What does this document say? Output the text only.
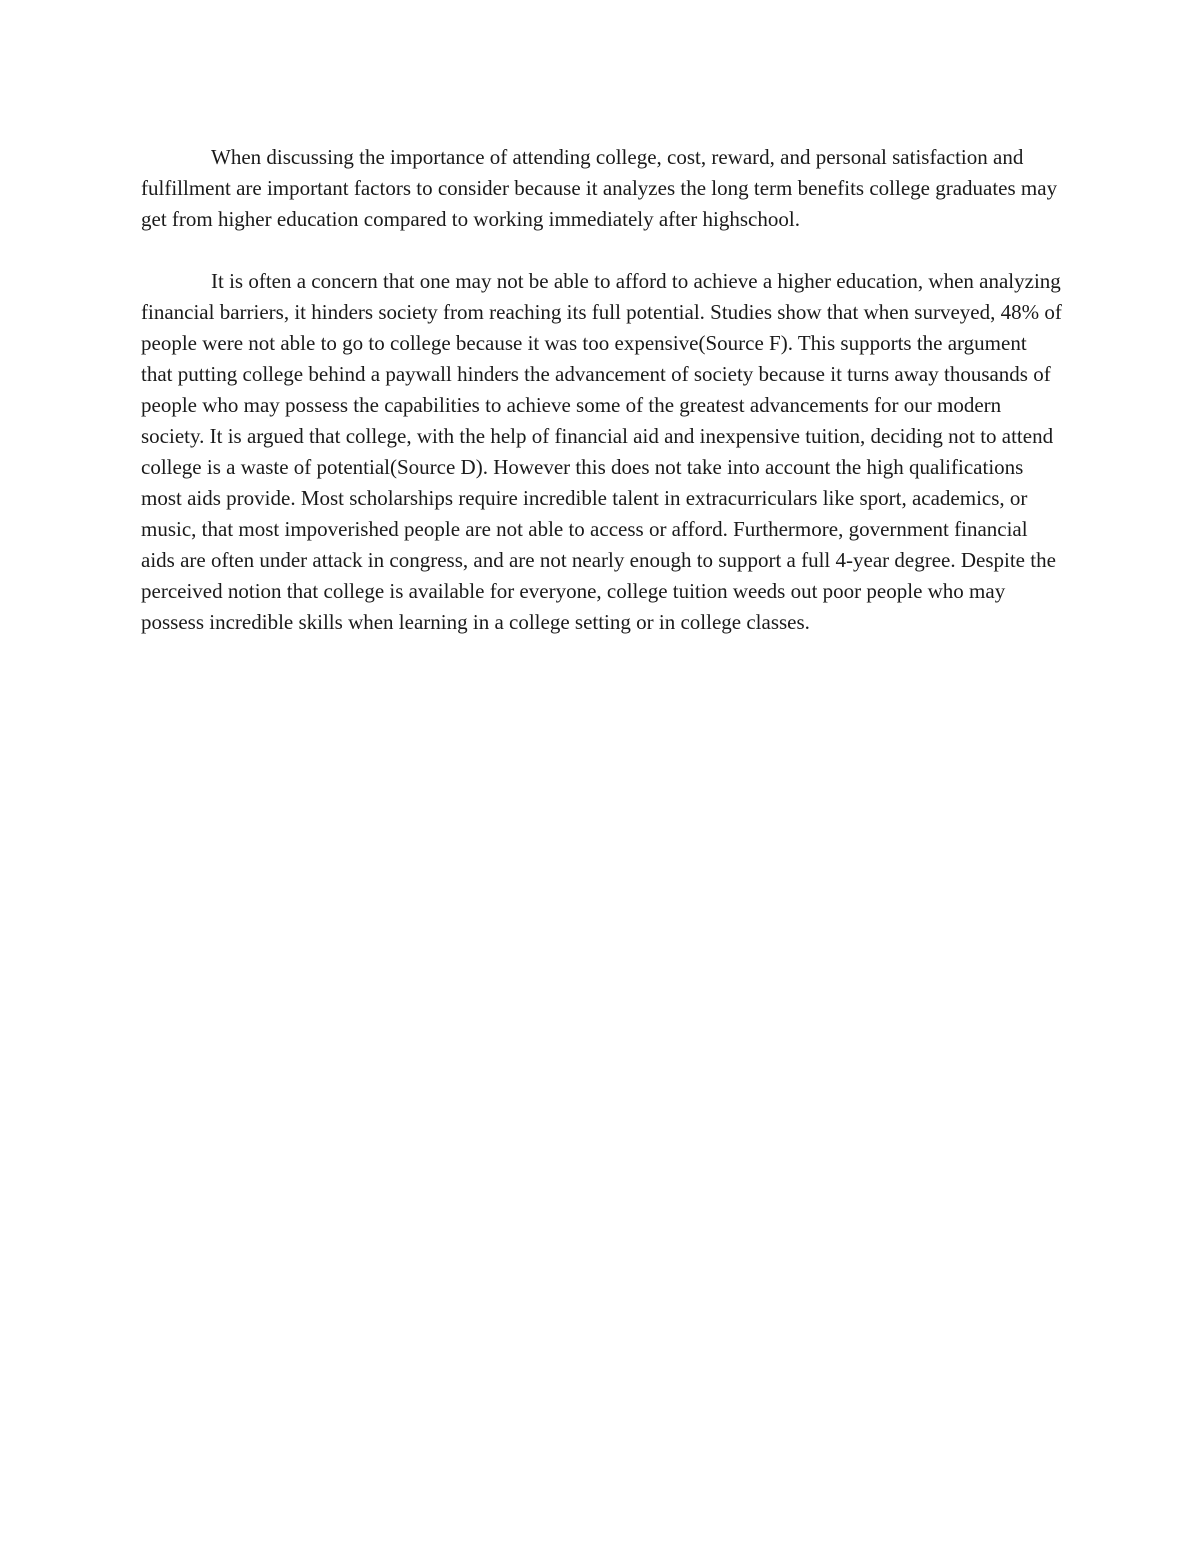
When discussing the importance of attending college, cost, reward, and personal satisfaction and fulfillment are important factors to consider because it analyzes the long term benefits college graduates may get from higher education compared to working immediately after highschool.

It is often a concern that one may not be able to afford to achieve a higher education, when analyzing financial barriers, it hinders society from reaching its full potential. Studies show that when surveyed, 48% of people were not able to go to college because it was too expensive(Source F). This supports the argument that putting college behind a paywall hinders the advancement of society because it turns away thousands of people who may possess the capabilities to achieve some of the greatest advancements for our modern society. It is argued that college, with the help of financial aid and inexpensive tuition, deciding not to attend college is a waste of potential(Source D). However this does not take into account the high qualifications most aids provide. Most scholarships require incredible talent in extracurriculars like sport, academics, or music, that most impoverished people are not able to access or afford. Furthermore, government financial aids are often under attack in congress, and are not nearly enough to support a full 4-year degree. Despite the perceived notion that college is available for everyone, college tuition weeds out poor people who may possess incredible skills when learning in a college setting or in college classes.
